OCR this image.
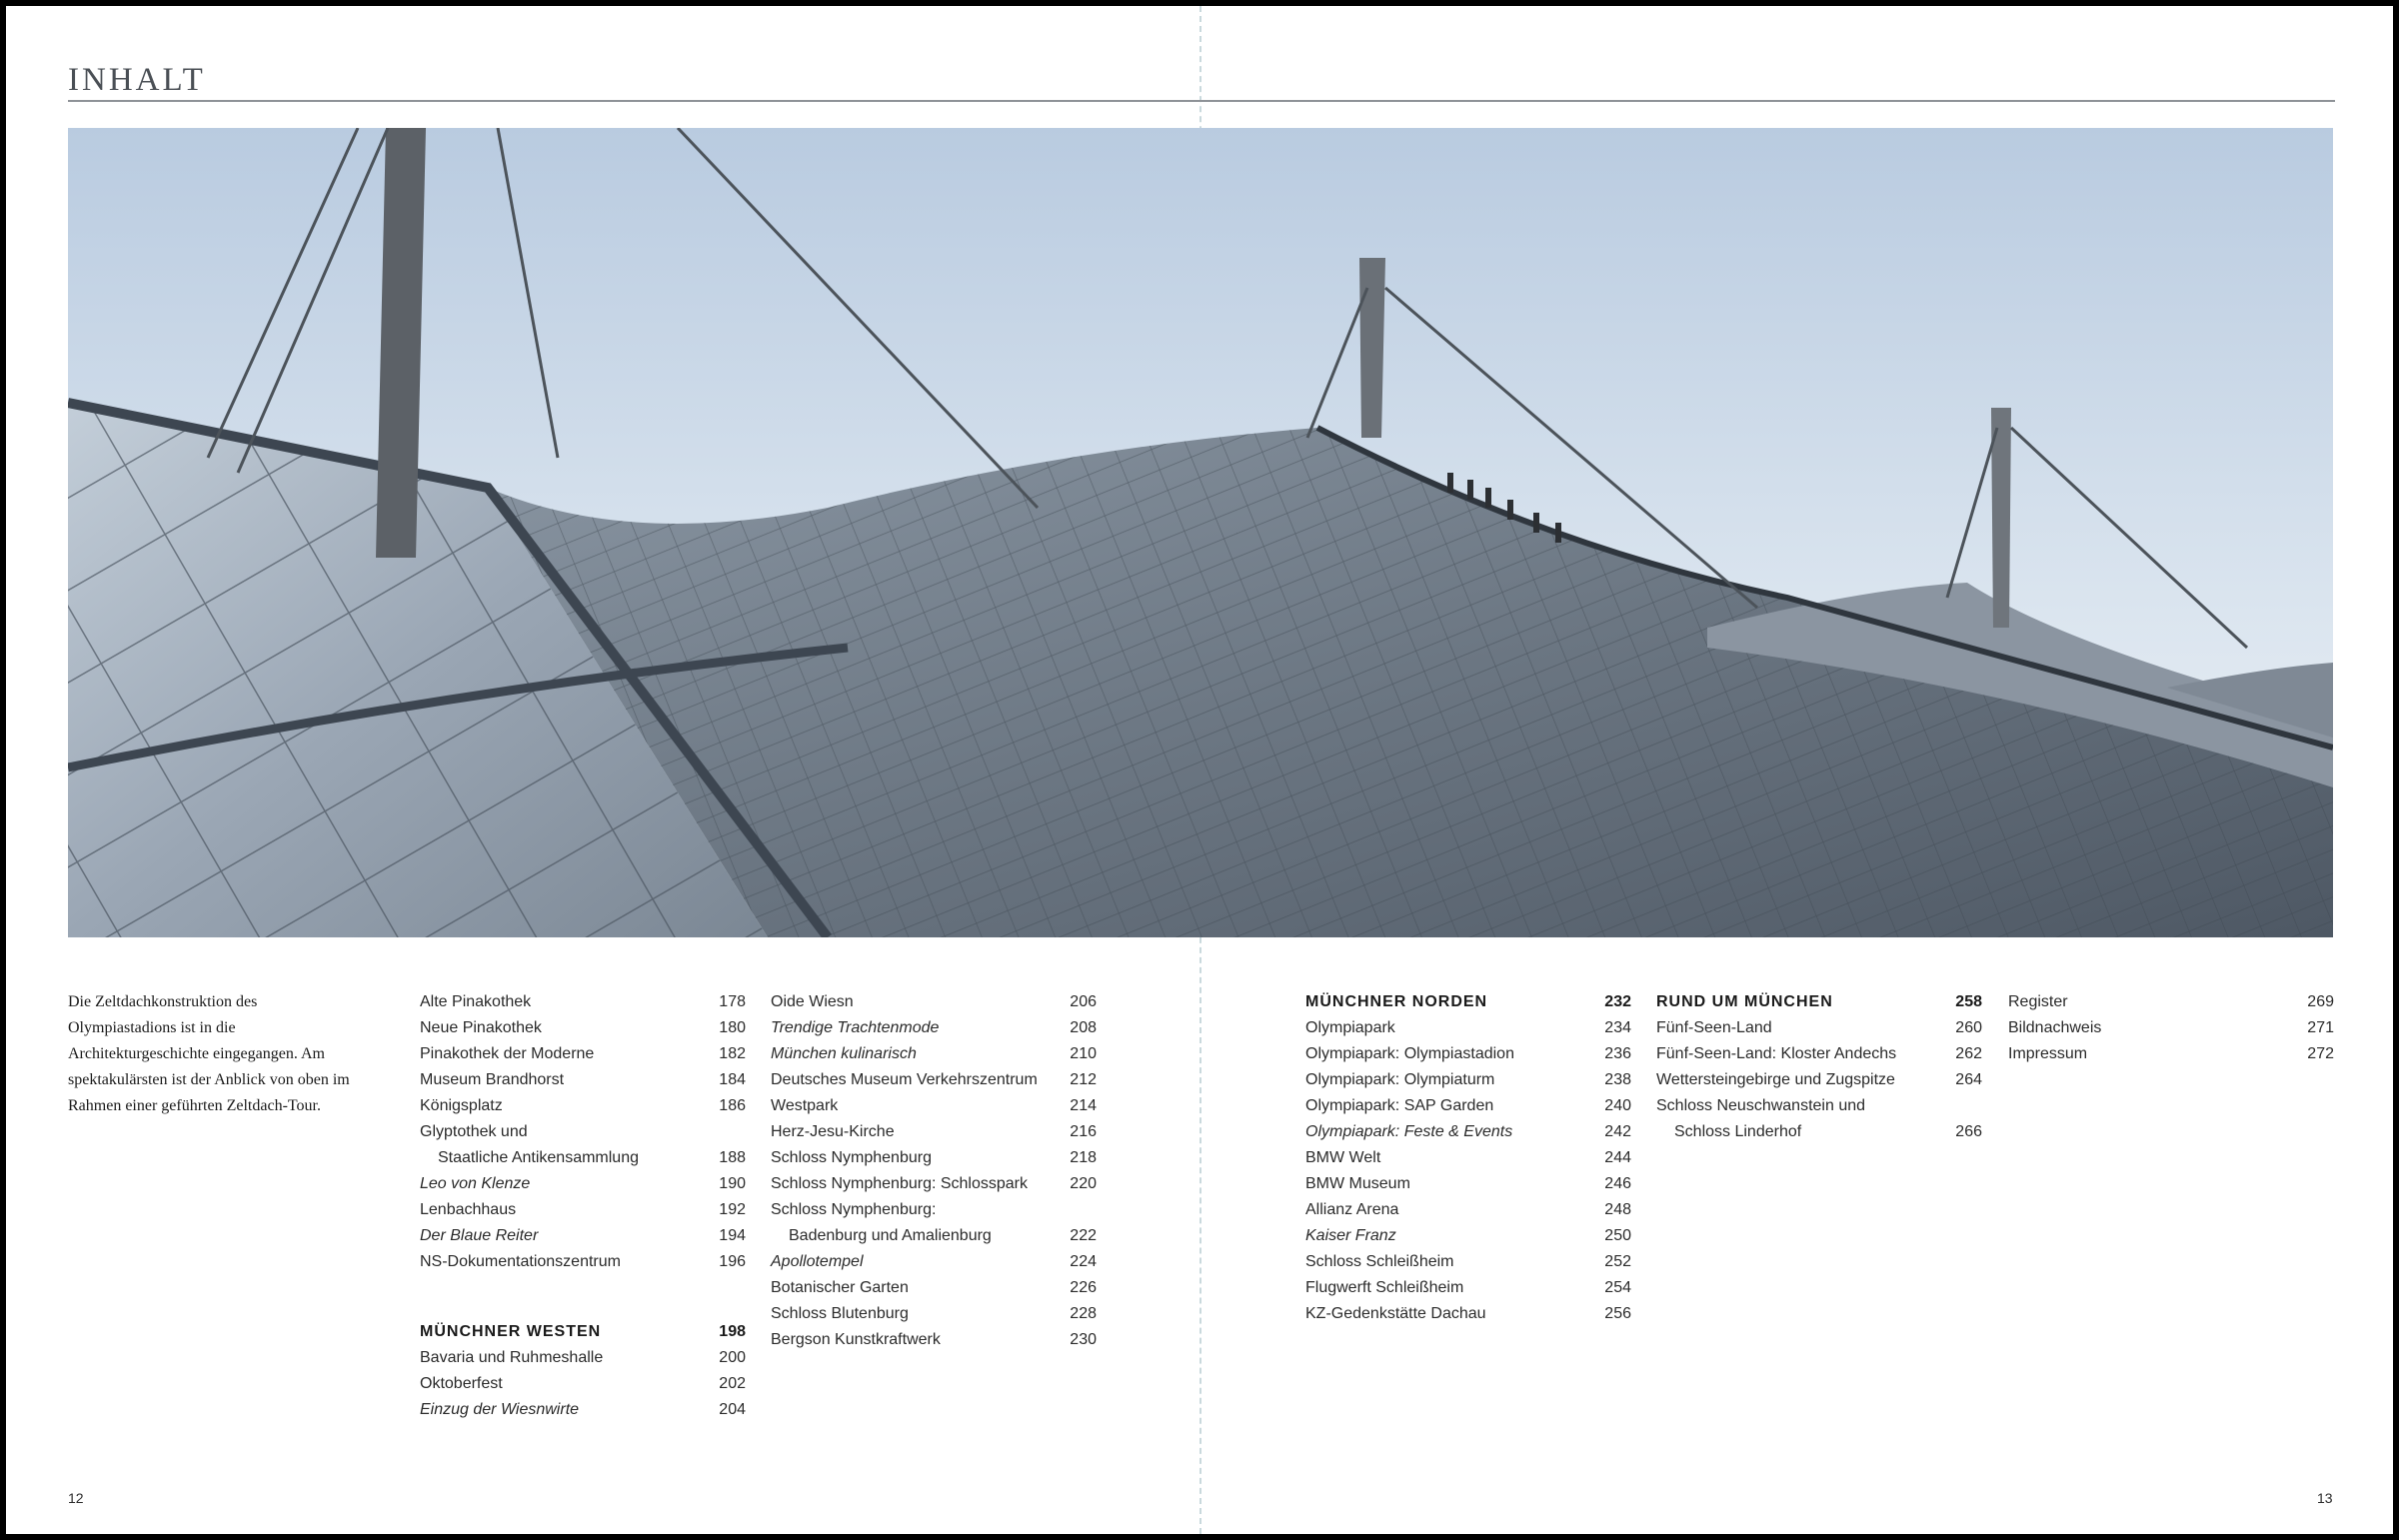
INHALT
Die Zeltdachkonstruktion des Olympiastadions ist in die Architekturgeschichte eingegangen. Am spektakulärsten ist der Anblick von oben im Rahmen einer geführten Zeltdach-Tour.
Alte Pinakothek	178
Neue Pinakothek	180
Pinakothek der Moderne	182
Museum Brandhorst	184
Königsplatz	186
Glyptothek und
Staatliche Antikensammlung	188
Leo von Klenze	190
Lenbachhaus	192
Der Blaue Reiter	194
NS-Dokumentationszentrum	196
MÜNCHNER WESTEN	198
Bavaria und Ruhmeshalle	200
Oktoberfest	202
Einzug der Wiesnwirte	204
Oide Wiesn	206
Trendige Trachtenmode	208
München kulinarisch	210
Deutsches Museum Verkehrszentrum	212
Westpark	214
Herz-Jesu-Kirche	216
Schloss Nymphenburg	218
Schloss Nymphenburg: Schlosspark	220
Schloss Nymphenburg:
Badenburg und Amalienburg	222
Apollotempel	224
Botanischer Garten	226
Schloss Blutenburg	228
Bergson Kunstkraftwerk	230
MÜNCHNER NORDEN	232
Olympiapark	234
Olympiapark: Olympiastadion	236
Olympiapark: Olympiaturm	238
Olympiapark: SAP Garden	240
Olympiapark: Feste & Events	242
BMW Welt	244
BMW Museum	246
Allianz Arena	248
Kaiser Franz	250
Schloss Schleißheim	252
Flugwerft Schleißheim	254
KZ-Gedenkstätte Dachau	256
RUND UM MÜNCHEN	258
Fünf-Seen-Land	260
Fünf-Seen-Land: Kloster Andechs	262
Wettersteingebirge und Zugspitze	264
Schloss Neuschwanstein und
Schloss Linderhof	266
Register	269
Bildnachweis	271
Impressum	272
12	13
